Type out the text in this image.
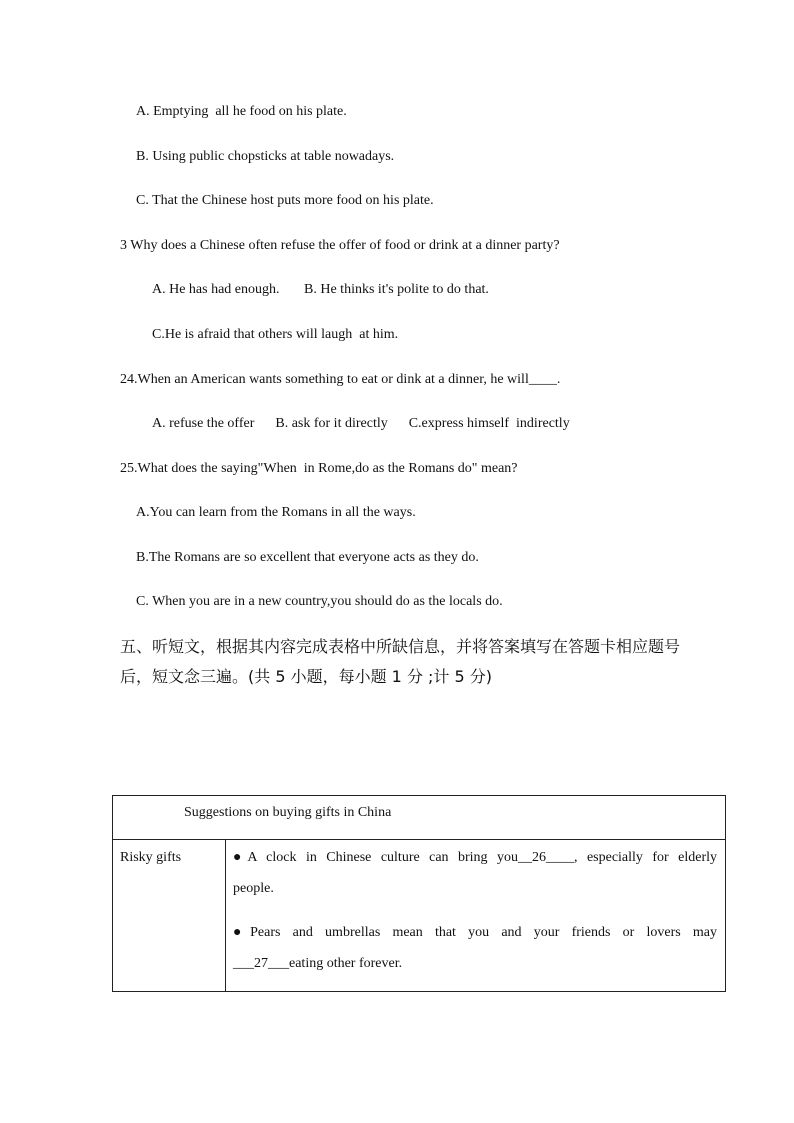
A. Emptying  all he food on his plate.
B. Using public chopsticks at table nowadays.
C. That the Chinese host puts more food on his plate.
3 Why does a Chinese often refuse the offer of food or drink at a dinner party?
A. He has had enough.       B. He thinks it's polite to do that.
C.He is afraid that others will laugh  at him.
24.When an American wants something to eat or dink at a dinner, he will____.
A. refuse the offer      B. ask for it directly      C.express himself  indirectly
25.What does the saying"When  in Rome,do as the Romans do" mean?
A.You can learn from the Romans in all the ways.
B.The Romans are so excellent that everyone acts as they do.
C. When you are in a new country,you should do as the locals do.
五、听短文，根据其内容完成表格中所缺信息，并将答案填写在答题卡相应题号
后，短文念三遍。(共 5 小题，每小题 1 分 ;计 5 分)
Suggestions on buying gifts in China

Risky gifts	●A clock in Chinese culture can bring you__26____, especially for elderly

people.

●Pears and umbrellas mean that you and your friends or lovers may

___27___eating other forever.
